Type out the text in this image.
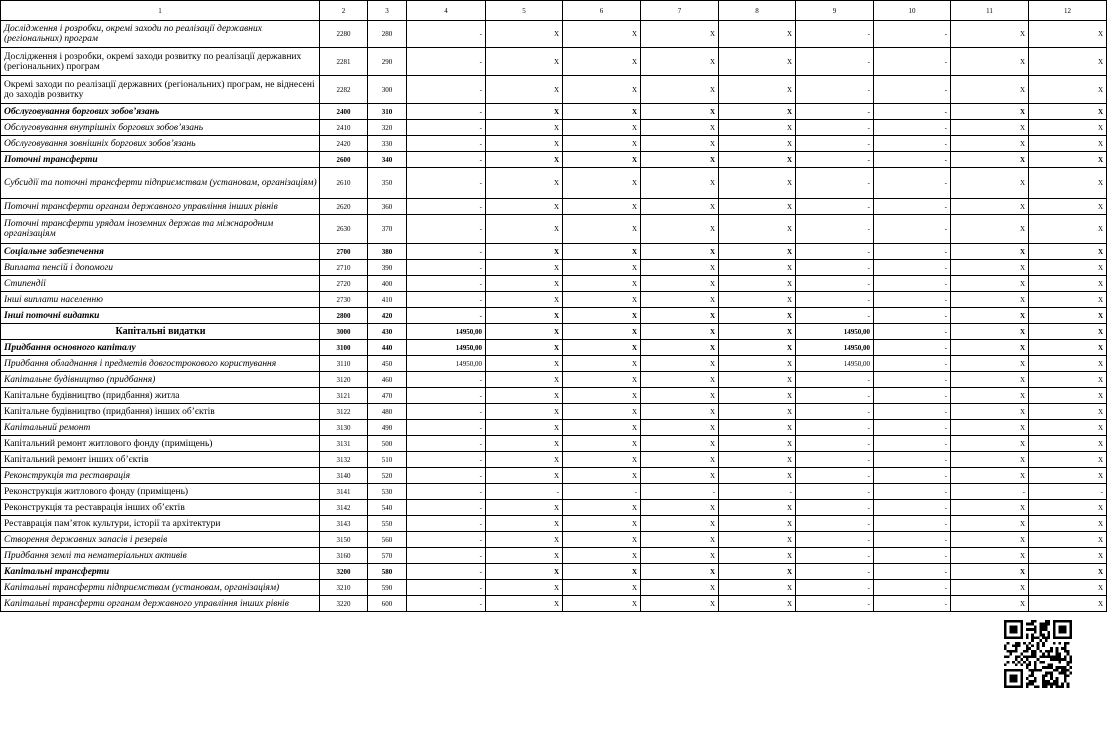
1	2	3	4	5	6	7	8	9	10	11	12
Дослідження і розробки, окремі заходи по реалізації державних (регіональних) програм	2280	280	-	X	X	X	X	-	-	X	X
Дослідження і розробки, окремі заходи розвитку по реалізації державних (регіональних) програм	2281	290	-	X	X	X	X	-	-	X	X
Окремі заходи по реалізації державних (регіональних) програм, не віднесені до заходів розвитку	2282	300	-	X	X	X	X	-	-	X	X
Обслуговування боргових зобов’язань	2400	310	-	X	X	X	X	-	-	X	X
Обслуговування внутрішніх боргових зобов’язань	2410	320	-	X	X	X	X	-	-	X	X
Обслуговування зовнішніх боргових зобов’язань	2420	330	-	X	X	X	X	-	-	X	X
Поточні трансферти	2600	340	-	X	X	X	X	-	-	X	X
Субсидії та поточні трансферти підприємствам (установам, організаціям)	2610	350	-	X	X	X	X	-	-	X	X
Поточні трансферти органам державного управління інших рівнів	2620	360	-	X	X	X	X	-	-	X	X
Поточні трансферти урядам іноземних держав та міжнародним організаціям	2630	370	-	X	X	X	X	-	-	X	X
Соціальне забезпечення	2700	380	-	X	X	X	X	-	-	X	X
Виплата пенсій і допомоги	2710	390	-	X	X	X	X	-	-	X	X
Стипендії	2720	400	-	X	X	X	X	-	-	X	X
Інші виплати населенню	2730	410	-	X	X	X	X	-	-	X	X
Інші поточні видатки	2800	420	-	X	X	X	X	-	-	X	X
Капітальні видатки	3000	430	14950,00	X	X	X	X	14950,00	-	X	X
Придбання основного капіталу	3100	440	14950,00	X	X	X	X	14950,00	-	X	X
Придбання обладнання і предметів довгострокового користування	3110	450	14950,00	X	X	X	X	14950,00	-	X	X
Капітальне будівництво (придбання)	3120	460	-	X	X	X	X	-	-	X	X
Капітальне будівництво (придбання) житла	3121	470	-	X	X	X	X	-	-	X	X
Капітальне будівництво (придбання) інших об’єктів	3122	480	-	X	X	X	X	-	-	X	X
Капітальний ремонт	3130	490	-	X	X	X	X	-	-	X	X
Капітальний ремонт житлового фонду (приміщень)	3131	500	-	X	X	X	X	-	-	X	X
Капітальний ремонт інших об’єктів	3132	510	-	X	X	X	X	-	-	X	X
Реконструкція та реставрація	3140	520	-	X	X	X	X	-	-	X	X
Реконструкція житлового фонду (приміщень)	3141	530	-	-	-	-	-	-	-	-	-
Реконструкція та реставрація інших об’єктів	3142	540	-	X	X	X	X	-	-	X	X
Реставрація пам’яток культури, історії та архітектури	3143	550	-	X	X	X	X	-	-	X	X
Створення державних запасів і резервів	3150	560	-	X	X	X	X	-	-	X	X
Придбання землі та нематеріальних активів	3160	570	-	X	X	X	X	-	-	X	X
Капітальні трансферти	3200	580	-	X	X	X	X	-	-	X	X
Капітальні трансферти підприємствам (установам, організаціям)	3210	590	-	X	X	X	X	-	-	X	X
Капітальні трансферти органам державного управління інших рівнів	3220	600	-	X	X	X	X	-	-	X	X
